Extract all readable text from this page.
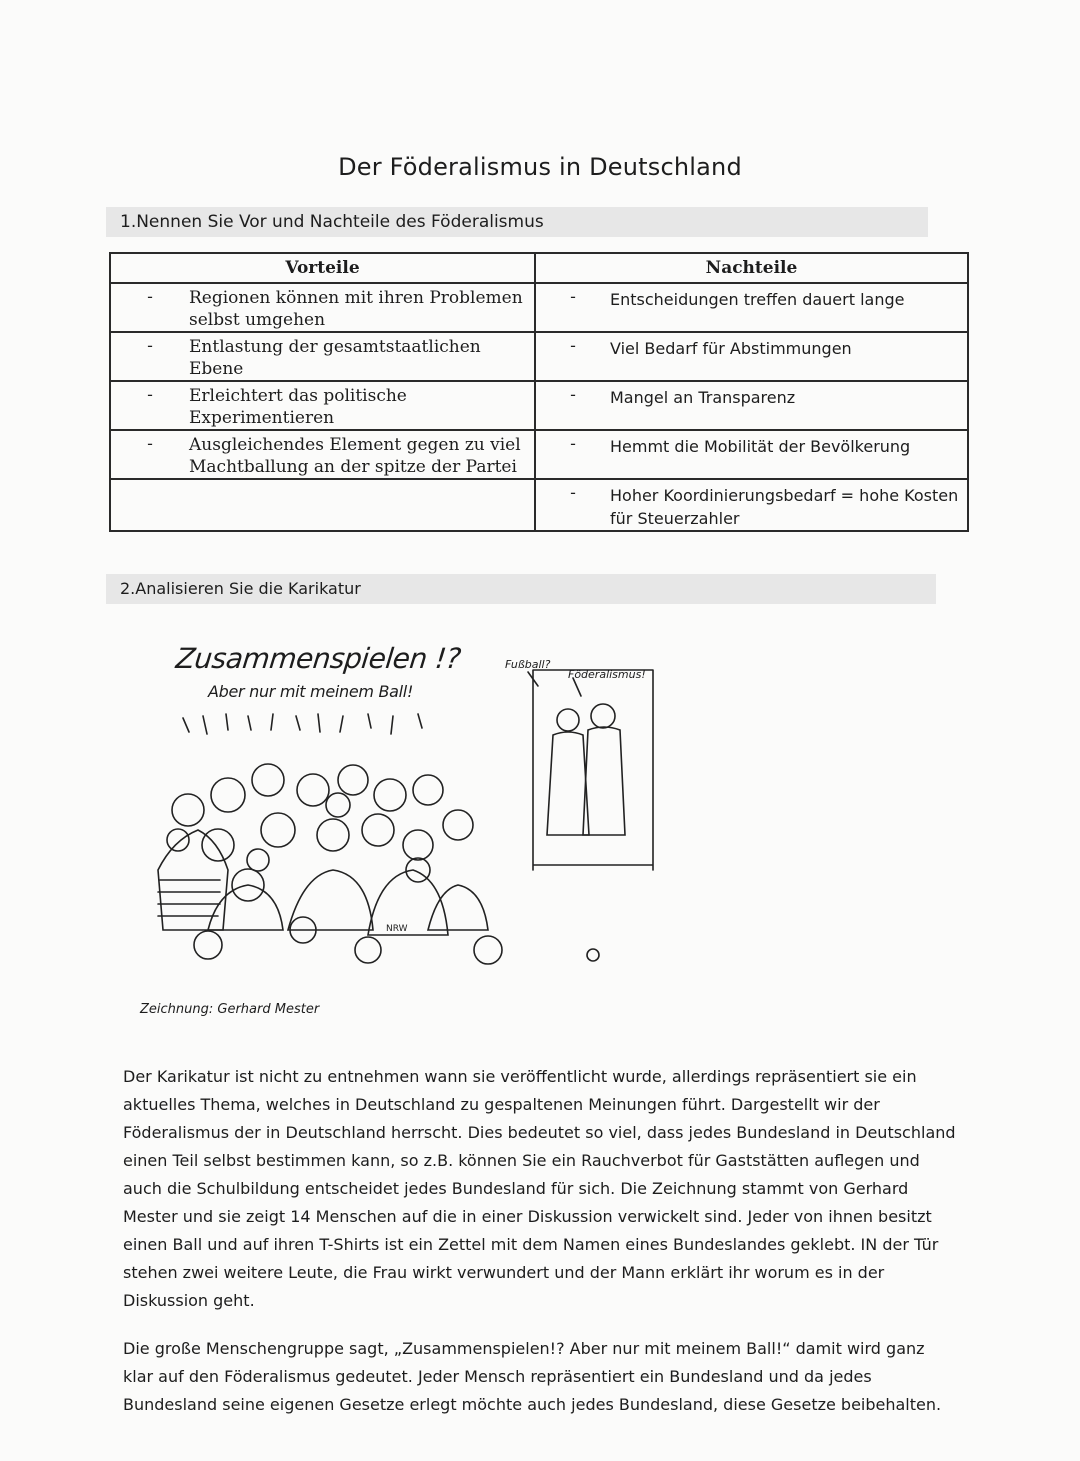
Der Föderalismus in Deutschland
1.Nennen Sie Vor und Nachteile des Föderalismus
Vorteile	Nachteile

- Regionen können mit ihren Problemen selbst umgehen	- Entscheidungen treffen dauert lange

- Entlastung der gesamtstaatlichen Ebene	- Viel Bedarf für Abstimmungen

- Erleichtert das politische Experimentieren	- Mangel an Transparenz

- Ausgleichendes Element gegen zu viel Machtballung an der spitze der Partei	- Hemmt die Mobilität der Bevölkerung

	- Hoher Koordinierungsbedarf = hohe Kosten für Steuerzahler
2.Analisieren Sie die Karikatur
NRW
Zusammenspielen !?
Aber nur mit meinem Ball!
Fußball?
Föderalismus!
Zeichnung: Gerhard Mester
Der Karikatur ist nicht zu entnehmen wann sie veröffentlicht wurde, allerdings repräsentiert sie ein aktuelles Thema, welches in Deutschland zu gespaltenen Meinungen führt. Dargestellt wir der Föderalismus der in Deutschland herrscht. Dies bedeutet so viel, dass jedes Bundesland in Deutschland einen Teil selbst bestimmen kann, so z.B. können Sie ein Rauchverbot für Gaststätten auflegen und auch die Schulbildung entscheidet jedes Bundesland für sich. Die Zeichnung stammt von Gerhard Mester und sie zeigt 14 Menschen auf die in einer Diskussion verwickelt sind. Jeder von ihnen besitzt einen Ball und auf ihren T-Shirts ist ein Zettel mit dem Namen eines Bundeslandes geklebt. IN der Tür stehen zwei weitere Leute, die Frau wirkt verwundert und der Mann erklärt ihr worum es in der Diskussion geht.
Die große Menschengruppe sagt, „Zusammenspielen!? Aber nur mit meinem Ball!“ damit wird ganz klar auf den Föderalismus gedeutet. Jeder Mensch repräsentiert ein Bundesland und da jedes Bundesland seine eigenen Gesetze erlegt möchte auch jedes Bundesland, diese Gesetze beibehalten.
